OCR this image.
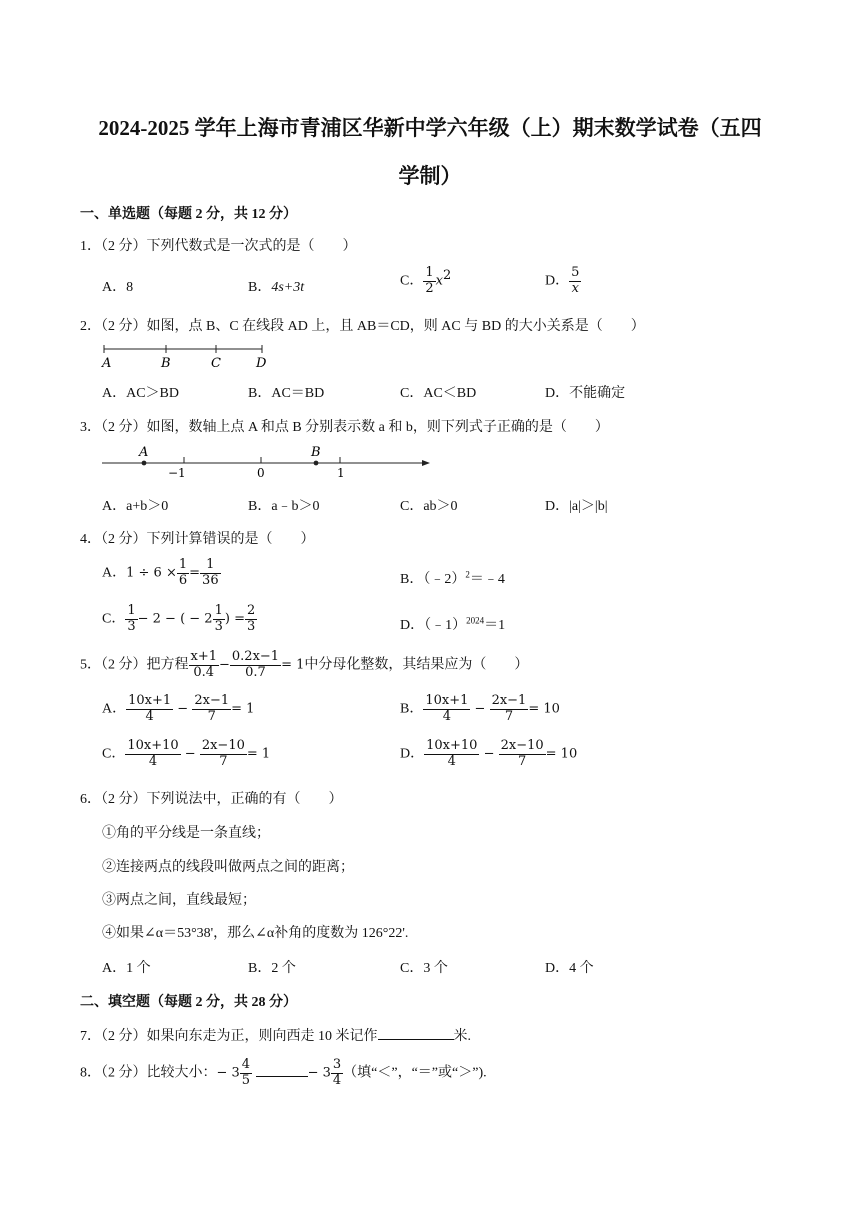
2024-2025 学年上海市青浦区华新中学六年级（上）期末数学试卷（五四
学制）
一、单选题（每题 2 分，共 12 分）
1．（2 分）下列代数式是一次式的是（　　）
A．8	B．4s+3t	C． $\frac{1}{2} x^2$	D． $\frac{5}{x}$
2．（2 分）如图，点 B、C 在线段 AD 上，且 AB＝CD，则 AC 与 BD 的大小关系是（　　）
A	B	C	D
A．AC＞BD	B．AC＝BD	C．AC＜BD	D．不能确定
3．（2 分）如图，数轴上点 A 和点 B 分别表示数 a 和 b，则下列式子正确的是（　　）
A	B
−1	0	1
A．a+b＞0	B．a﹣b＞0	C．ab＞0	D．|a|＞|b|
4．（2 分）下列计算错误的是（　　）
A．$1 \div 6 \times \frac{1}{6} = \frac{1}{36}$	B．（﹣2）$^2$＝﹣4
C． $\frac{1}{3} - 2$ − ( − $2 \frac{1}{3}$ ) = $\frac{2}{3}$	D．（﹣1）$^{2024}$＝1
5．（2 分）把方程 $\frac{x+1}{0.4} - \frac{0.2x-1}{0.7} = 1$中分母化整数，其结果应为（　　）
A． $\frac{10x+1}{4} - \frac{2x-1}{7} = 1$	B． $\frac{10x+1}{4} - \frac{2x-1}{7} = 10$
C． $\frac{10x+10}{4} - \frac{2x-10}{7} = 1$	D． $\frac{10x+10}{4} - \frac{2x-10}{7} = 10$
6．（2 分）下列说法中，正确的有（　　）
①角的平分线是一条直线；
②连接两点的线段叫做两点之间的距离；
③两点之间，直线最短；
④如果∠α＝53°38'，那么∠α补角的度数为 126°22'.
A．1 个	B．2 个	C．3 个	D．4 个
二、填空题（每题 2 分，共 28 分）
7．（2 分）如果向东走为正，则向西走 10 米记作	米.
8．（2 分）比较大小：− $3 \frac{4}{5}$	− $3 \frac{3}{4}$ （填“＜”，“＝”或“＞”).
